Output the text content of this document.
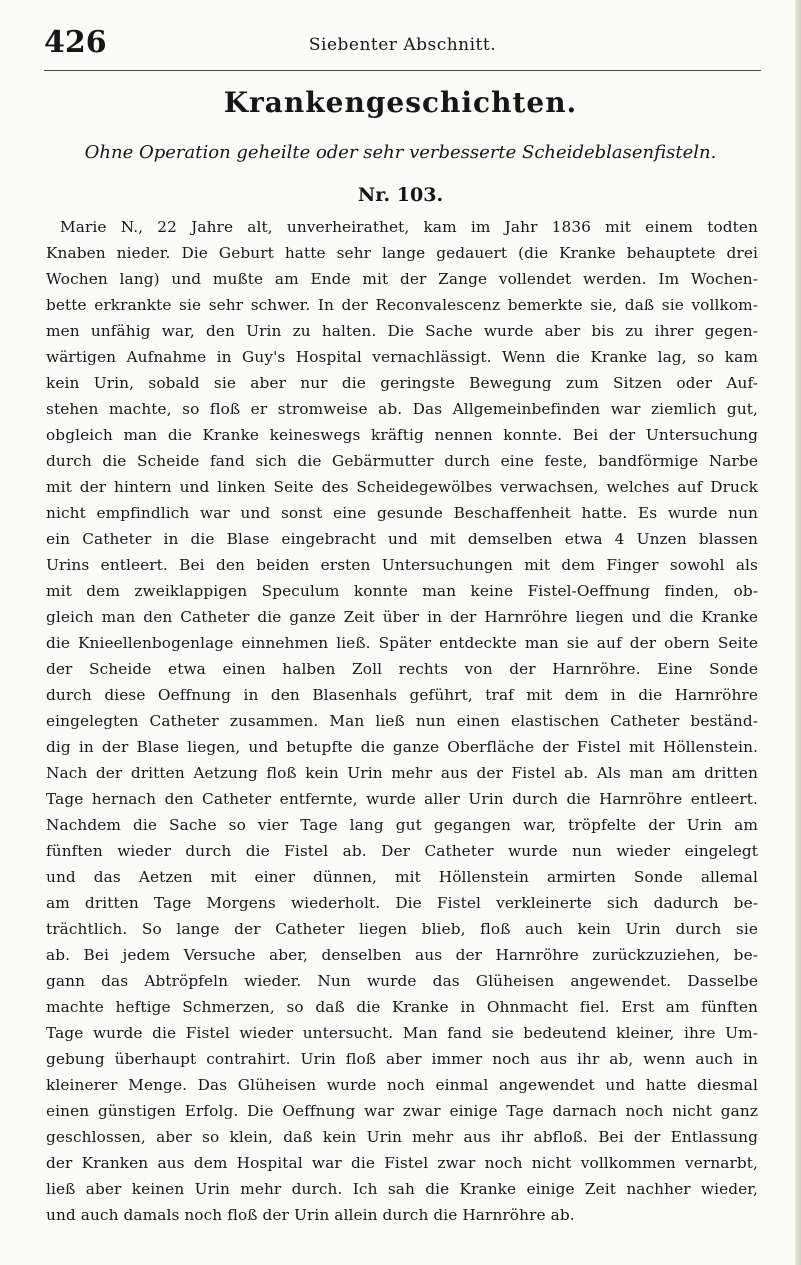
426	Siebenter Abschnitt.
Krankengeschichten.
Ohne Operation geheilte oder sehr verbesserte Scheideblasenfisteln.
Nr. 103.
Marie N., 22 Jahre alt, unverheirathet, kam im Jahr 1836 mit einem todten
Knaben nieder. Die Geburt hatte sehr lange gedauert (die Kranke behauptete drei
Wochen lang) und mußte am Ende mit der Zange vollendet werden. Im Wochen-
bette erkrankte sie sehr schwer. In der Reconvalescenz bemerkte sie, daß sie vollkom-
men unfähig war, den Urin zu halten. Die Sache wurde aber bis zu ihrer gegen-
wärtigen Aufnahme in Guy's Hospital vernachlässigt. Wenn die Kranke lag, so kam
kein Urin, sobald sie aber nur die geringste Bewegung zum Sitzen oder Auf-
stehen machte, so floß er stromweise ab. Das Allgemeinbefinden war ziemlich gut,
obgleich man die Kranke keineswegs kräftig nennen konnte. Bei der Untersuchung
durch die Scheide fand sich die Gebärmutter durch eine feste, bandförmige Narbe
mit der hintern und linken Seite des Scheidegewölbes verwachsen, welches auf Druck
nicht empfindlich war und sonst eine gesunde Beschaffenheit hatte. Es wurde nun
ein Catheter in die Blase eingebracht und mit demselben etwa 4 Unzen blassen
Urins entleert. Bei den beiden ersten Untersuchungen mit dem Finger sowohl als
mit dem zweiklappigen Speculum konnte man keine Fistel-Oeffnung finden, ob-
gleich man den Catheter die ganze Zeit über in der Harnröhre liegen und die Kranke
die Knieellenbogenlage einnehmen ließ. Später entdeckte man sie auf der obern Seite
der Scheide etwa einen halben Zoll rechts von der Harnröhre. Eine Sonde
durch diese Oeffnung in den Blasenhals geführt, traf mit dem in die Harnröhre
eingelegten Catheter zusammen. Man ließ nun einen elastischen Catheter beständ-
dig in der Blase liegen, und betupfte die ganze Oberfläche der Fistel mit Höllenstein.
Nach der dritten Aetzung floß kein Urin mehr aus der Fistel ab. Als man am dritten
Tage hernach den Catheter entfernte, wurde aller Urin durch die Harnröhre entleert.
Nachdem die Sache so vier Tage lang gut gegangen war, tröpfelte der Urin am
fünften wieder durch die Fistel ab. Der Catheter wurde nun wieder eingelegt
und das Aetzen mit einer dünnen, mit Höllenstein armirten Sonde allemal
am dritten Tage Morgens wiederholt. Die Fistel verkleinerte sich dadurch be-
trächtlich. So lange der Catheter liegen blieb, floß auch kein Urin durch sie
ab. Bei jedem Versuche aber, denselben aus der Harnröhre zurückzuziehen, be-
gann das Abtröpfeln wieder. Nun wurde das Glüheisen angewendet. Dasselbe
machte heftige Schmerzen, so daß die Kranke in Ohnmacht fiel. Erst am fünften
Tage wurde die Fistel wieder untersucht. Man fand sie bedeutend kleiner, ihre Um-
gebung überhaupt contrahirt. Urin floß aber immer noch aus ihr ab, wenn auch in
kleinerer Menge. Das Glüheisen wurde noch einmal angewendet und hatte diesmal
einen günstigen Erfolg. Die Oeffnung war zwar einige Tage darnach noch nicht ganz
geschlossen, aber so klein, daß kein Urin mehr aus ihr abfloß. Bei der Entlassung
der Kranken aus dem Hospital war die Fistel zwar noch nicht vollkommen vernarbt,
ließ aber keinen Urin mehr durch. Ich sah die Kranke einige Zeit nachher wieder,
und auch damals noch floß der Urin allein durch die Harnröhre ab.
